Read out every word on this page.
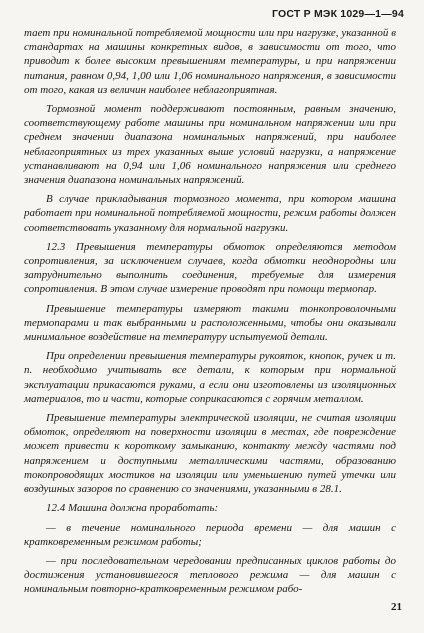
ГОСТ Р МЭК 1029—1—94

тает при номинальной потребляемой мощности или при нагрузке, указанной в стандартах на машины конкретных видов, в зависимости от того, что приводит к более высоким превышениям температуры, и при напряжении питания, равном 0,94, 1,00 или 1,06 номинального напряжения, в зависимости от того, какая из величин наиболее неблагоприятная.

Тормозной момент поддерживают постоянным, равным значению, соответствующему работе машины при номинальном напряжении или при среднем значении диапазона номинальных напряжений, при наиболее неблагоприятных из трех указанных выше условий нагрузки, а напряжение устанавливают на 0,94 или 1,06 номинального напряжения или среднего значения диапазона номинальных напряжений.

В случае прикладывания тормозного момента, при котором машина работает при номинальной потребляемой мощности, режим работы должен соответствовать указанному для нормальной нагрузки.

12.3 Превышения температуры обмоток определяются методом сопротивления, за исключением случаев, когда обмотки неоднородны или затруднительно выполнить соединения, требуемые для измерения сопротивления. В этом случае измерение проводят при помощи термопар.

Превышение температуры измеряют такими тонкопроволочными термопарами и так выбранными и расположенными, чтобы они оказывали минимальное воздействие на температуру испытуемой детали.

При определении превышения температуры рукояток, кнопок, ручек и т. п. необходимо учитывать все детали, к которым при нормальной эксплуатации прикасаются руками, а если они изготовлены из изоляционных материалов, то и части, которые соприкасаются с горячим металлом.

Превышение температуры электрической изоляции, не считая изоляции обмоток, определяют на поверхности изоляции в местах, где повреждение может привести к короткому замыканию, контакту между частями под напряжением и доступными металлическими частями, образованию токопроводящих мостиков на изоляции или уменьшению путей утечки или воздушных зазоров по сравнению со значениями, указанными в 28.1.

12.4 Машина должна проработать:

— в течение номинального периода времени — для машин с кратковременным режимом работы;

— при последовательном чередовании предписанных циклов работы до достижения установившегося теплового режима — для машин с номинальным повторно-кратковременным режимом рабо-

21
